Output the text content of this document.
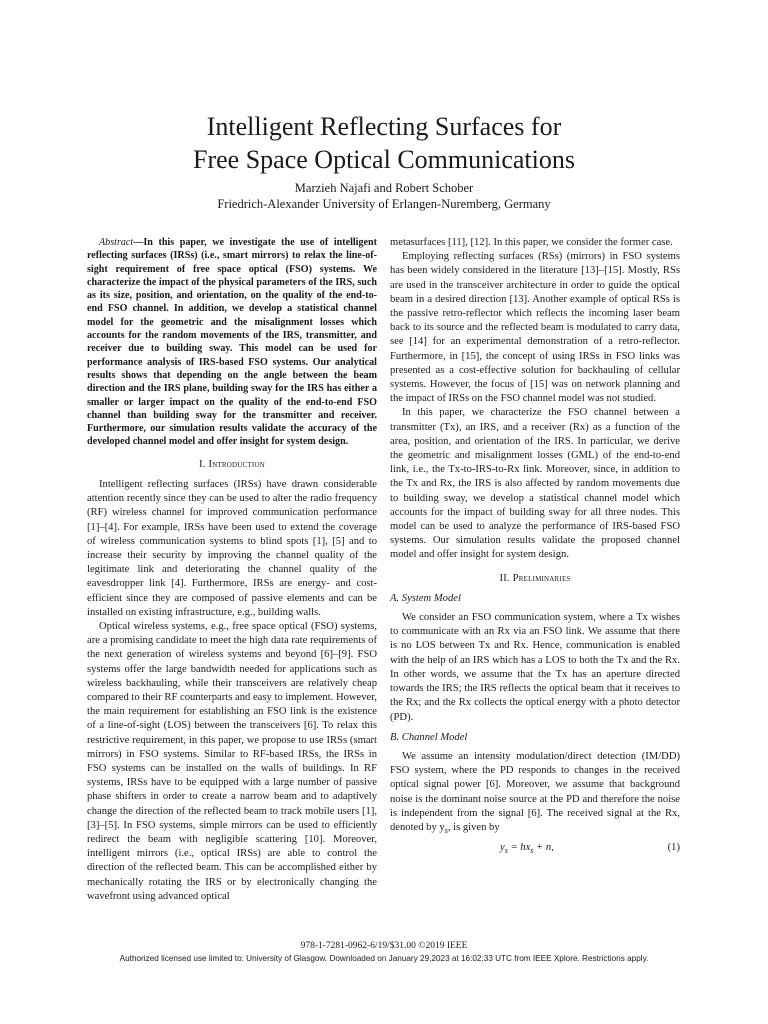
Intelligent Reflecting Surfaces for
Free Space Optical Communications
Marzieh Najafi and Robert Schober
Friedrich-Alexander University of Erlangen-Nuremberg, Germany

Abstract—In this paper, we investigate the use of intelligent reflecting surfaces (IRSs) (i.e., smart mirrors) to relax the line-of-sight requirement of free space optical (FSO) systems. We characterize the impact of the physical parameters of the IRS, such as its size, position, and orientation, on the quality of the end-to-end FSO channel. In addition, we develop a statistical channel model for the geometric and the misalignment losses which accounts for the random movements of the IRS, transmitter, and receiver due to building sway. This model can be used for performance analysis of IRS-based FSO systems. Our analytical results shows that depending on the angle between the beam direction and the IRS plane, building sway for the IRS has either a smaller or larger impact on the quality of the end-to-end FSO channel than building sway for the transmitter and receiver. Furthermore, our simulation results validate the accuracy of the developed channel model and offer insight for system design.

I. Introduction

Intelligent reflecting surfaces (IRSs) have drawn considerable attention recently since they can be used to alter the radio frequency (RF) wireless channel for improved communication performance [1]–[4]. For example, IRSs have been used to extend the coverage of wireless communication systems to blind spots [1], [5] and to increase their security by improving the channel quality of the legitimate link and deteriorating the channel quality of the eavesdropper link [4]. Furthermore, IRSs are energy- and cost-efficient since they are composed of passive elements and can be installed on existing infrastructure, e.g., building walls.

Optical wireless systems, e.g., free space optical (FSO) systems, are a promising candidate to meet the high data rate requirements of the next generation of wireless systems and beyond [6]–[9]. FSO systems offer the large bandwidth needed for applications such as wireless backhauling, while their transceivers are relatively cheap compared to their RF counterparts and easy to implement. However, the main requirement for establishing an FSO link is the existence of a line-of-sight (LOS) between the transceivers [6]. To relax this restrictive requirement, in this paper, we propose to use IRSs (smart mirrors) in FSO systems. Similar to RF-based IRSs, the IRSs in FSO systems can be installed on the walls of buildings. In RF systems, IRSs have to be equipped with a large number of passive phase shifters in order to create a narrow beam and to adaptively change the direction of the reflected beam to track mobile users [1], [3]–[5]. In FSO systems, simple mirrors can be used to efficiently redirect the beam with negligible scattering [10]. Moreover, intelligent mirrors (i.e., optical IRSs) are able to control the direction of the reflected beam. This can be accomplished either by mechanically rotating the IRS or by electronically changing the wavefront using advanced optical

metasurfaces [11], [12]. In this paper, we consider the former case.

Employing reflecting surfaces (RSs) (mirrors) in FSO systems has been widely considered in the literature [13]–[15]. Mostly, RSs are used in the transceiver architecture in order to guide the optical beam in a desired direction [13]. Another example of optical RSs is the passive retro-reflector which reflects the incoming laser beam back to its source and the reflected beam is modulated to carry data, see [14] for an experimental demonstration of a retro-reflector. Furthermore, in [15], the concept of using IRSs in FSO links was presented as a cost-effective solution for backhauling of cellular systems. However, the focus of [15] was on network planning and the impact of IRSs on the FSO channel model was not studied.

In this paper, we characterize the FSO channel between a transmitter (Tx), an IRS, and a receiver (Rx) as a function of the area, position, and orientation of the IRS. In particular, we derive the geometric and misalignment losses (GML) of the end-to-end link, i.e., the Tx-to-IRS-to-Rx link. Moreover, since, in addition to the Tx and Rx, the IRS is also affected by random movements due to building sway, we develop a statistical channel model which accounts for the impact of building sway for all three nodes. This model can be used to analyze the performance of IRS-based FSO systems. Our simulation results validate the proposed channel model and offer insight for system design.

II. Preliminaries
A. System Model

We consider an FSO communication system, where a Tx wishes to communicate with an Rx via an FSO link. We assume that there is no LOS between Tx and Rx. Hence, communication is enabled with the help of an IRS which has a LOS to both the Tx and the Rx. In other words, we assume that the Tx has an aperture directed towards the IRS; the IRS reflects the optical beam that it receives to the Rx; and the Rx collects the optical energy with a photo detector (PD).

B. Channel Model

We assume an intensity modulation/direct detection (IM/DD) FSO system, where the PD responds to changes in the received optical signal power [6]. Moreover, we assume that background noise is the dominant noise source at the PD and therefore the noise is independent from the signal [6]. The received signal at the Rx, denoted by $y_s$, is given by

$y_s = hx_s + n$,	(1)
978-1-7281-0962-6/19/$31.00 ©2019 IEEE
Authorized licensed use limited to: University of Glasgow. Downloaded on January 29,2023 at 16:02:33 UTC from IEEE Xplore. Restrictions apply.
